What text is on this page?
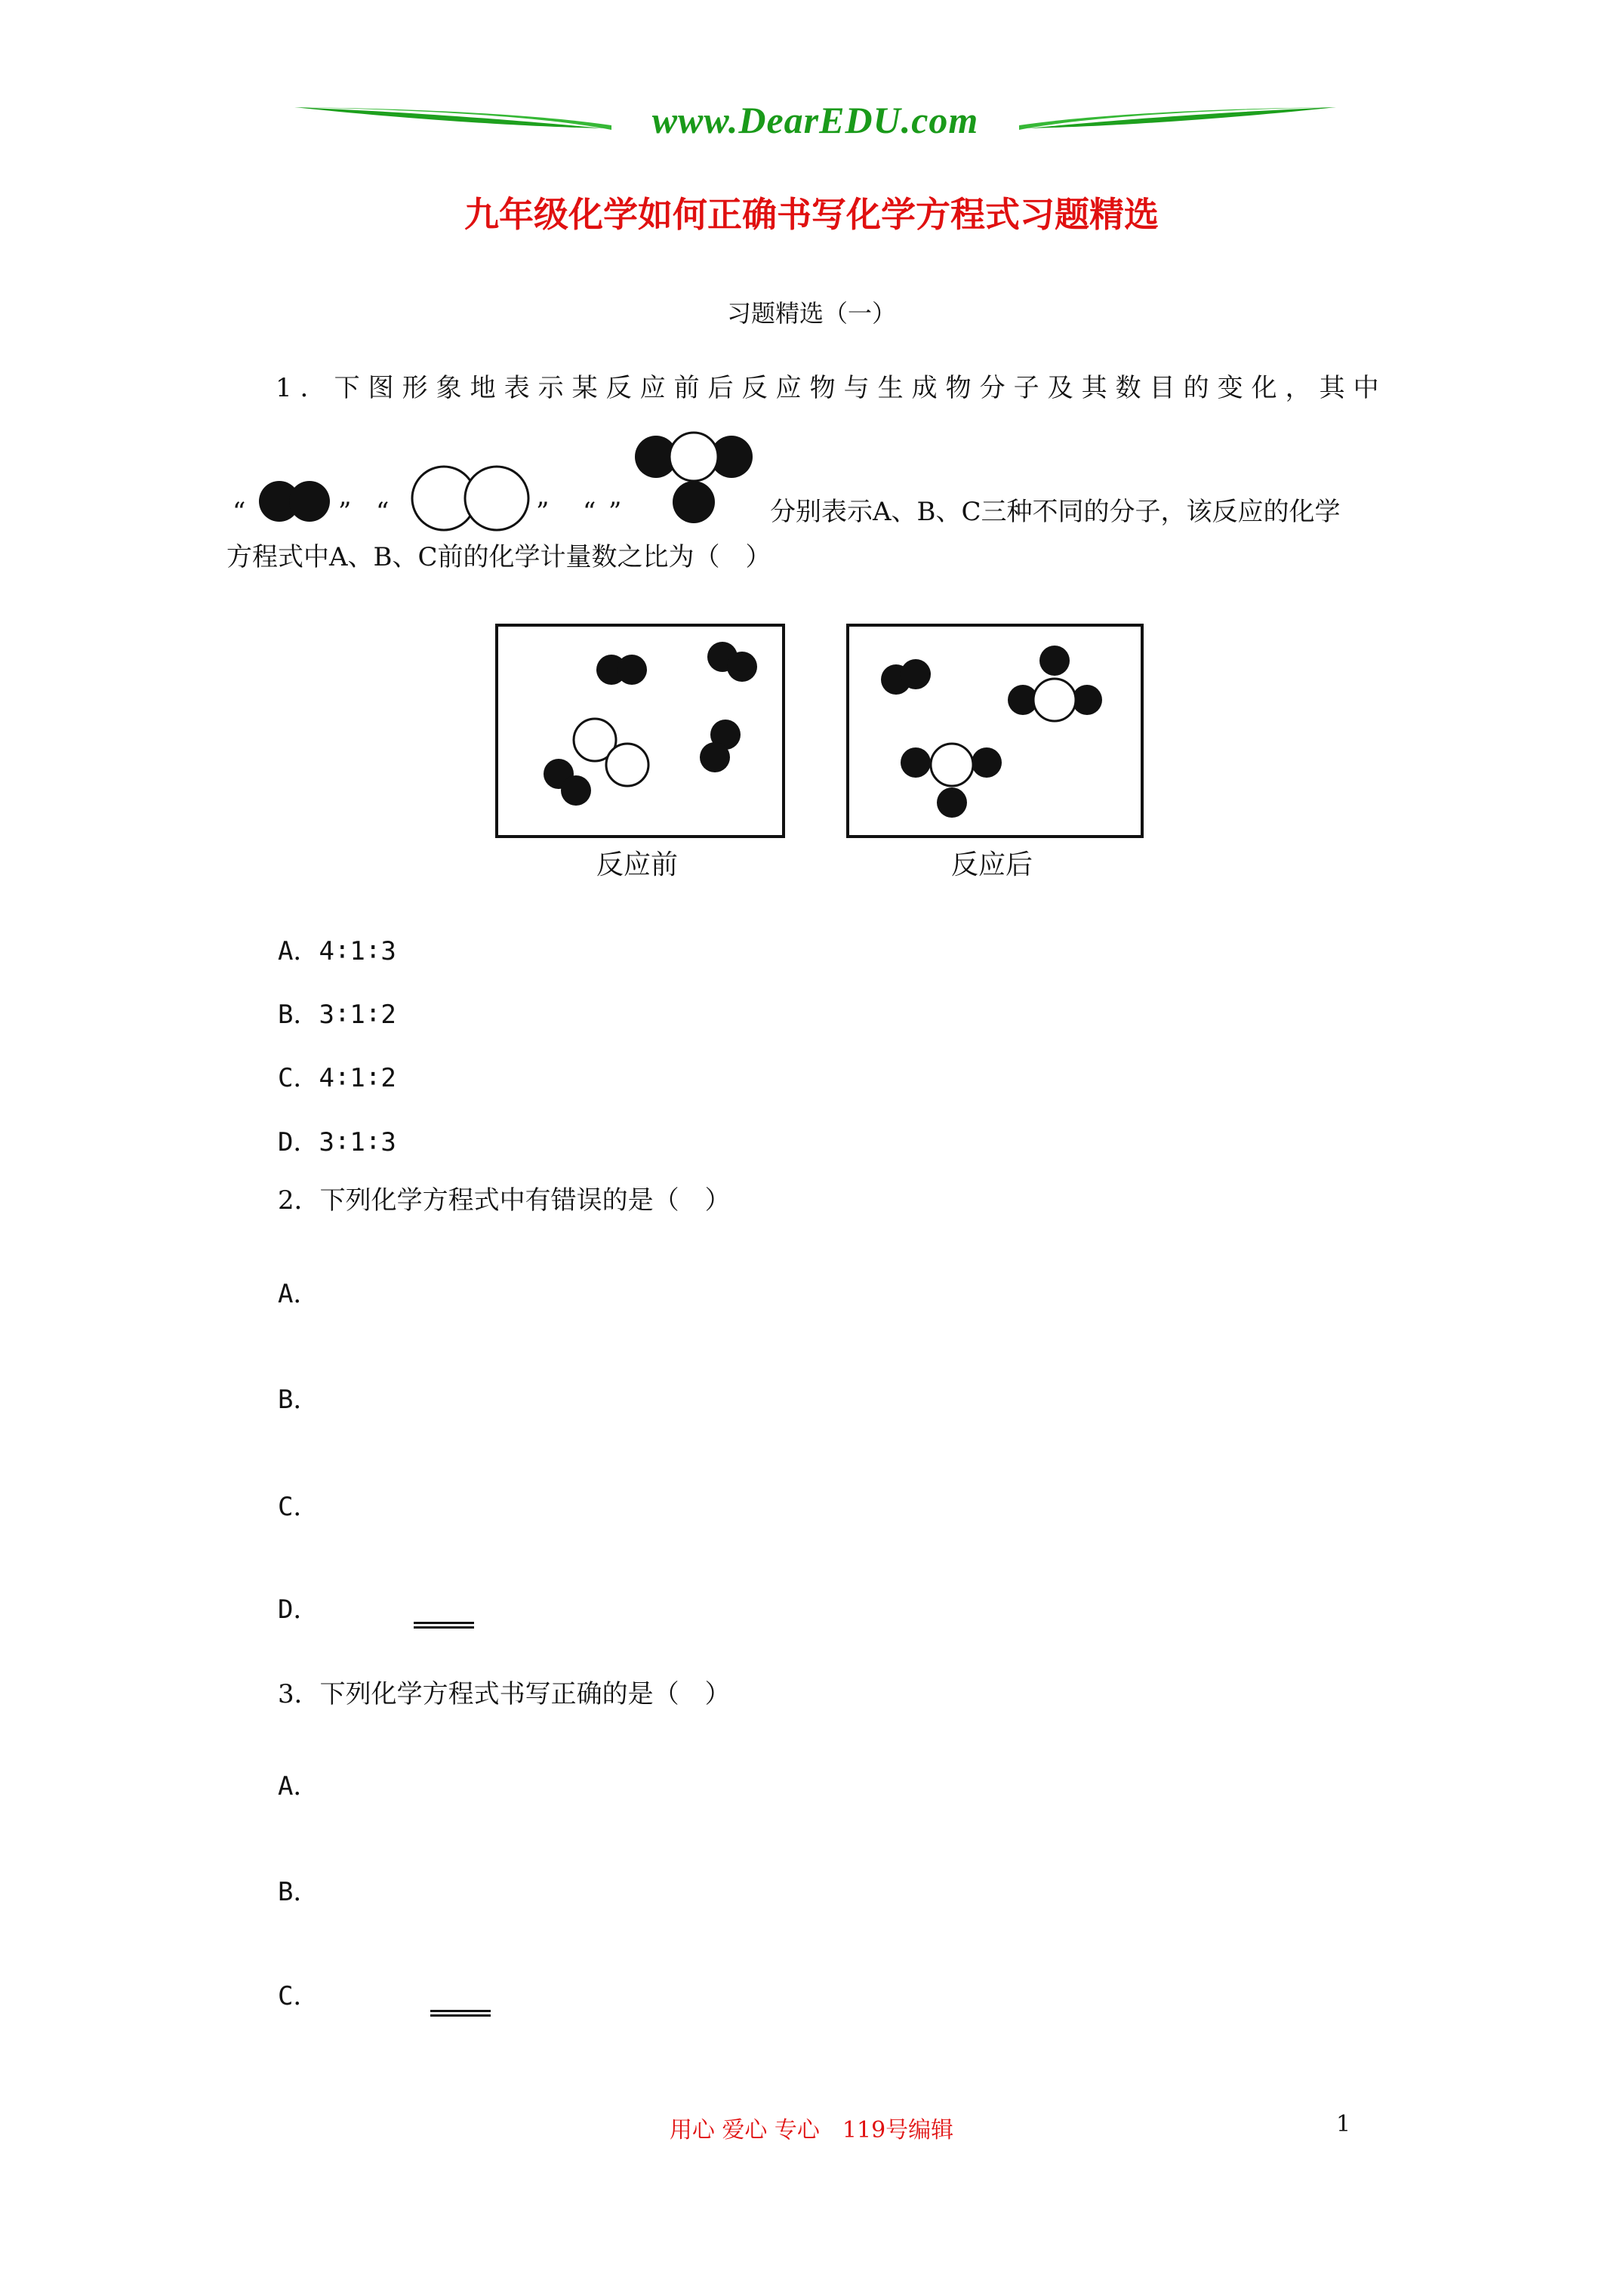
www.DearEDU.com
九年级化学如何正确书写化学方程式习题精选
习题精选（一）
1．下图形象地表示某反应前后反应物与生成物分子及其数目的变化，其中
“	” “	” “ ”	分别表示A、B、C三种不同的分子，该反应的化学
方程式中A、B、C前的化学计量数之比为（　）
反应前	反应后
A．4∶1∶3
B．3∶1∶2
C．4∶1∶2
D．3∶1∶3
2．下列化学方程式中有错误的是（　）
A．
B．
C．
D．
3．下列化学方程式书写正确的是（　）
A．
B．
C．
用心 爱心 专心　119号编辑	1
